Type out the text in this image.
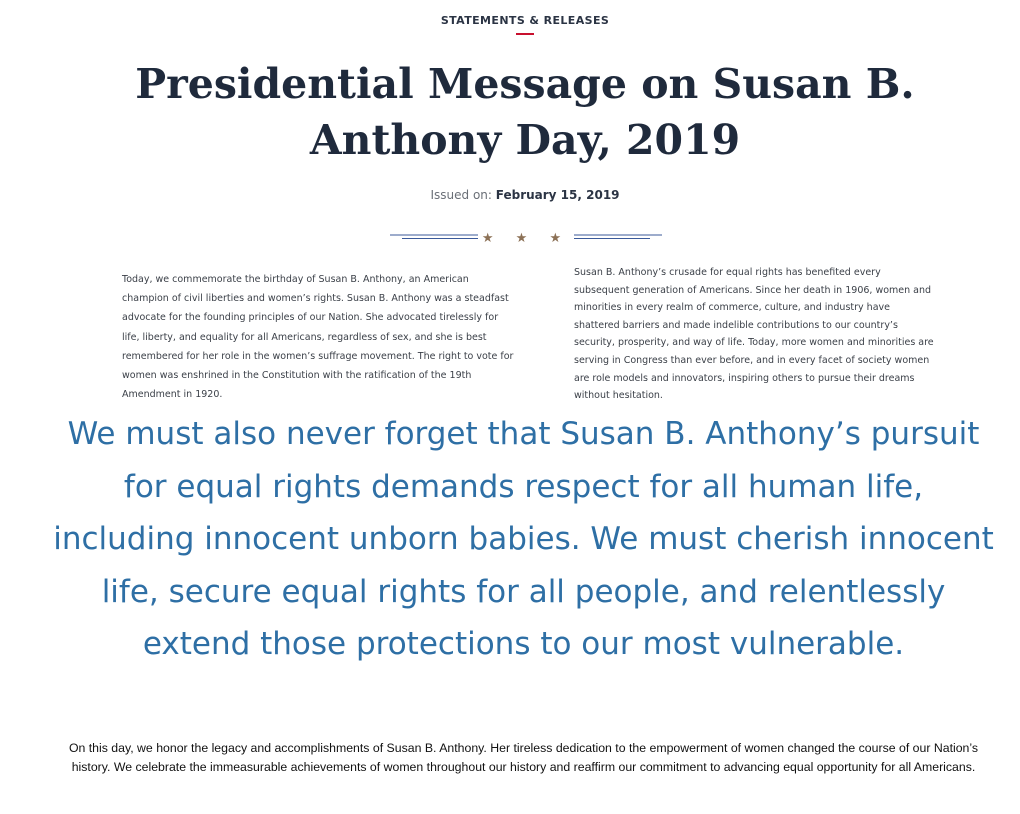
STATEMENTS & RELEASES
Presidential Message on Susan B. Anthony Day, 2019
Issued on: February 15, 2019
★ ★ ★

Today, we commemorate the birthday of Susan B. Anthony, an American champion of civil liberties and women’s rights. Susan B. Anthony was a steadfast advocate for the founding principles of our Nation. She advocated tirelessly for life, liberty, and equality for all Americans, regardless of sex, and she is best remembered for her role in the women’s suffrage movement. The right to vote for women was enshrined in the Constitution with the ratification of the 19th Amendment in 1920.

Susan B. Anthony’s crusade for equal rights has benefited every subsequent generation of Americans. Since her death in 1906, women and minorities in every realm of commerce, culture, and industry have shattered barriers and made indelible contributions to our country’s security, prosperity, and way of life. Today, more women and minorities are serving in Congress than ever before, and in every facet of society women are role models and innovators, inspiring others to pursue their dreams without hesitation.

We must also never forget that Susan B. Anthony’s pursuit for equal rights demands respect for all human life, including innocent unborn babies. We must cherish innocent life, secure equal rights for all people, and relentlessly extend those protections to our most vulnerable.

On this day, we honor the legacy and accomplishments of Susan B. Anthony. Her tireless dedication to the empowerment of women changed the course of our Nation’s history. We celebrate the immeasurable achievements of women throughout our history and reaffirm our commitment to advancing equal opportunity for all Americans.
